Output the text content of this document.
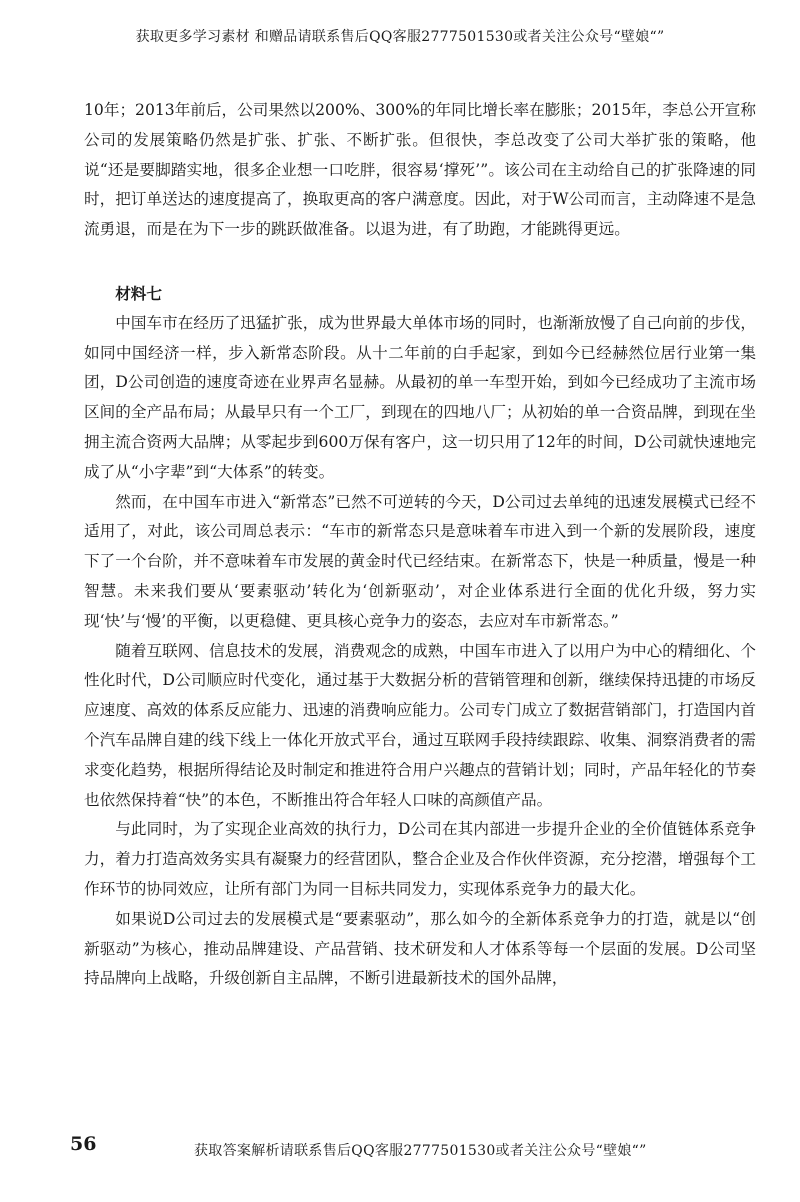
获取更多学习素材 和赠品请联系售后QQ客服2777501530或者关注公众号“壁娘“”

10年；2013年前后，公司果然以200%、300%的年同比增长率在膨胀；2015年，李总公开宣称公司的发展策略仍然是扩张、扩张、不断扩张。但很快，李总改变了公司大举扩张的策略，他说“还是要脚踏实地，很多企业想一口吃胖，很容易‘撑死’”。该公司在主动给自己的扩张降速的同时，把订单送达的速度提高了，换取更高的客户满意度。因此，对于W公司而言，主动降速不是急流勇退，而是在为下一步的跳跃做准备。以退为进，有了助跑，才能跳得更远。

材料七

中国车市在经历了迅猛扩张，成为世界最大单体市场的同时，也渐渐放慢了自己向前的步伐，如同中国经济一样，步入新常态阶段。从十二年前的白手起家，到如今已经赫然位居行业第一集团，D公司创造的速度奇迹在业界声名显赫。从最初的单一车型开始，到如今已经成功了主流市场区间的全产品布局；从最早只有一个工厂，到现在的四地八厂；从初始的单一合资品牌，到现在坐拥主流合资两大品牌；从零起步到600万保有客户，这一切只用了12年的时间，D公司就快速地完成了从“小字辈”到“大体系”的转变。

然而，在中国车市进入“新常态”已然不可逆转的今天，D公司过去单纯的迅速发展模式已经不适用了，对此，该公司周总表示：“车市的新常态只是意味着车市进入到一个新的发展阶段，速度下了一个台阶，并不意味着车市发展的黄金时代已经结束。在新常态下，快是一种质量，慢是一种智慧。未来我们要从‘要素驱动’转化为‘创新驱动’，对企业体系进行全面的优化升级，努力实现‘快’与‘慢’的平衡，以更稳健、更具核心竞争力的姿态，去应对车市新常态。”

随着互联网、信息技术的发展，消费观念的成熟，中国车市进入了以用户为中心的精细化、个性化时代，D公司顺应时代变化，通过基于大数据分析的营销管理和创新，继续保持迅捷的市场反应速度、高效的体系反应能力、迅速的消费响应能力。公司专门成立了数据营销部门，打造国内首个汽车品牌自建的线下线上一体化开放式平台，通过互联网手段持续跟踪、收集、洞察消费者的需求变化趋势，根据所得结论及时制定和推进符合用户兴趣点的营销计划；同时，产品年轻化的节奏也依然保持着“快”的本色，不断推出符合年轻人口味的高颜值产品。

与此同时，为了实现企业高效的执行力，D公司在其内部进一步提升企业的全价值链体系竞争力，着力打造高效务实具有凝聚力的经营团队，整合企业及合作伙伴资源，充分挖潜，增强每个工作环节的协同效应，让所有部门为同一目标共同发力，实现体系竞争力的最大化。

如果说D公司过去的发展模式是“要素驱动”，那么如今的全新体系竞争力的打造，就是以“创新驱动”为核心，推动品牌建设、产品营销、技术研发和人才体系等每一个层面的发展。D公司坚持品牌向上战略，升级创新自主品牌，不断引进最新技术的国外品牌，

56	获取答案解析请联系售后QQ客服2777501530或者关注公众号“壁娘“”
